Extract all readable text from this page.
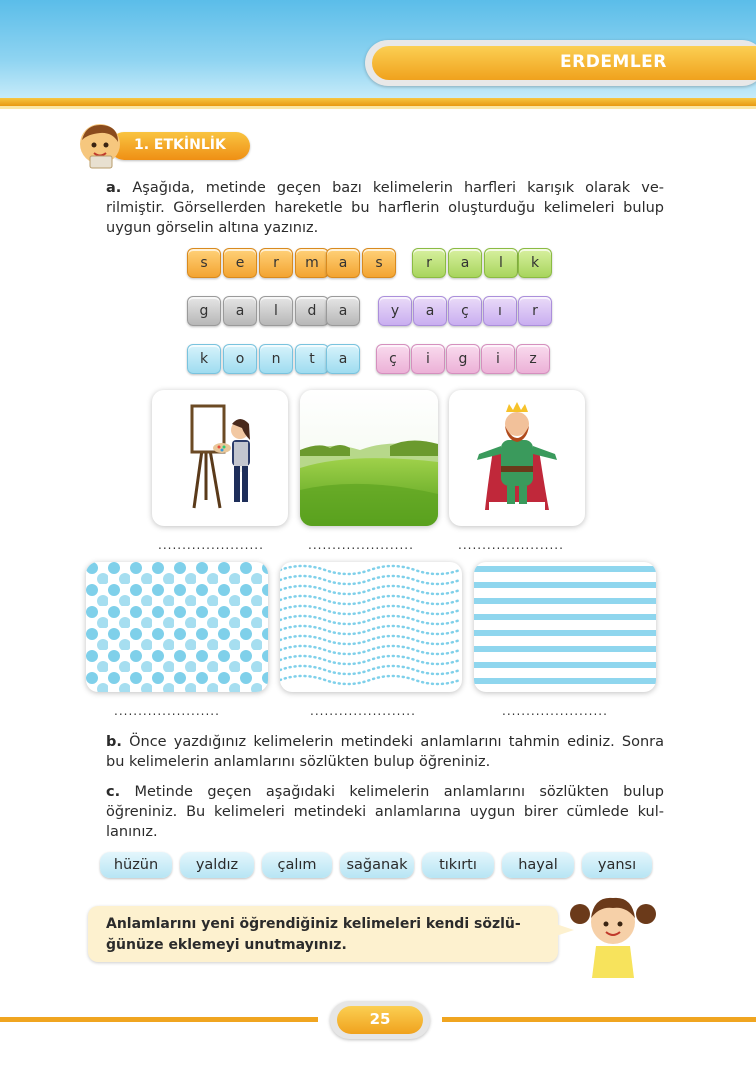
ERDEMLER
1. ETKİNLİK
a. Aşağıda, metinde geçen bazı kelimelerin harfleri karışık olarak ve-rilmiştir. Görsellerden hareketle bu harflerin oluşturduğu kelimeleri bulup uygun görselin altına yazınız.
s	e	r	m	a	s	r	a	l	k
g	a	l	d	a	y	a	ç	ı	r
k	o	n	t	a	ç	i	g	i	z
......................	......................	......................
......................	......................	......................
b. Önce yazdığınız kelimelerin metindeki anlamlarını tahmin ediniz. Sonra bu kelimelerin anlamlarını sözlükten bulup öğreniniz.
c. Metinde geçen aşağıdaki kelimelerin anlamlarını sözlükten bulup öğreniniz. Bu kelimeleri metindeki anlamlarına uygun birer cümlede kul-lanınız.
hüzün	yaldız	çalım	sağanak	tıkırtı	hayal	yansı
Anlamlarını yeni öğrendiğiniz kelimeleri kendi sözlü-ğünüze eklemeyi unutmayınız.
25
